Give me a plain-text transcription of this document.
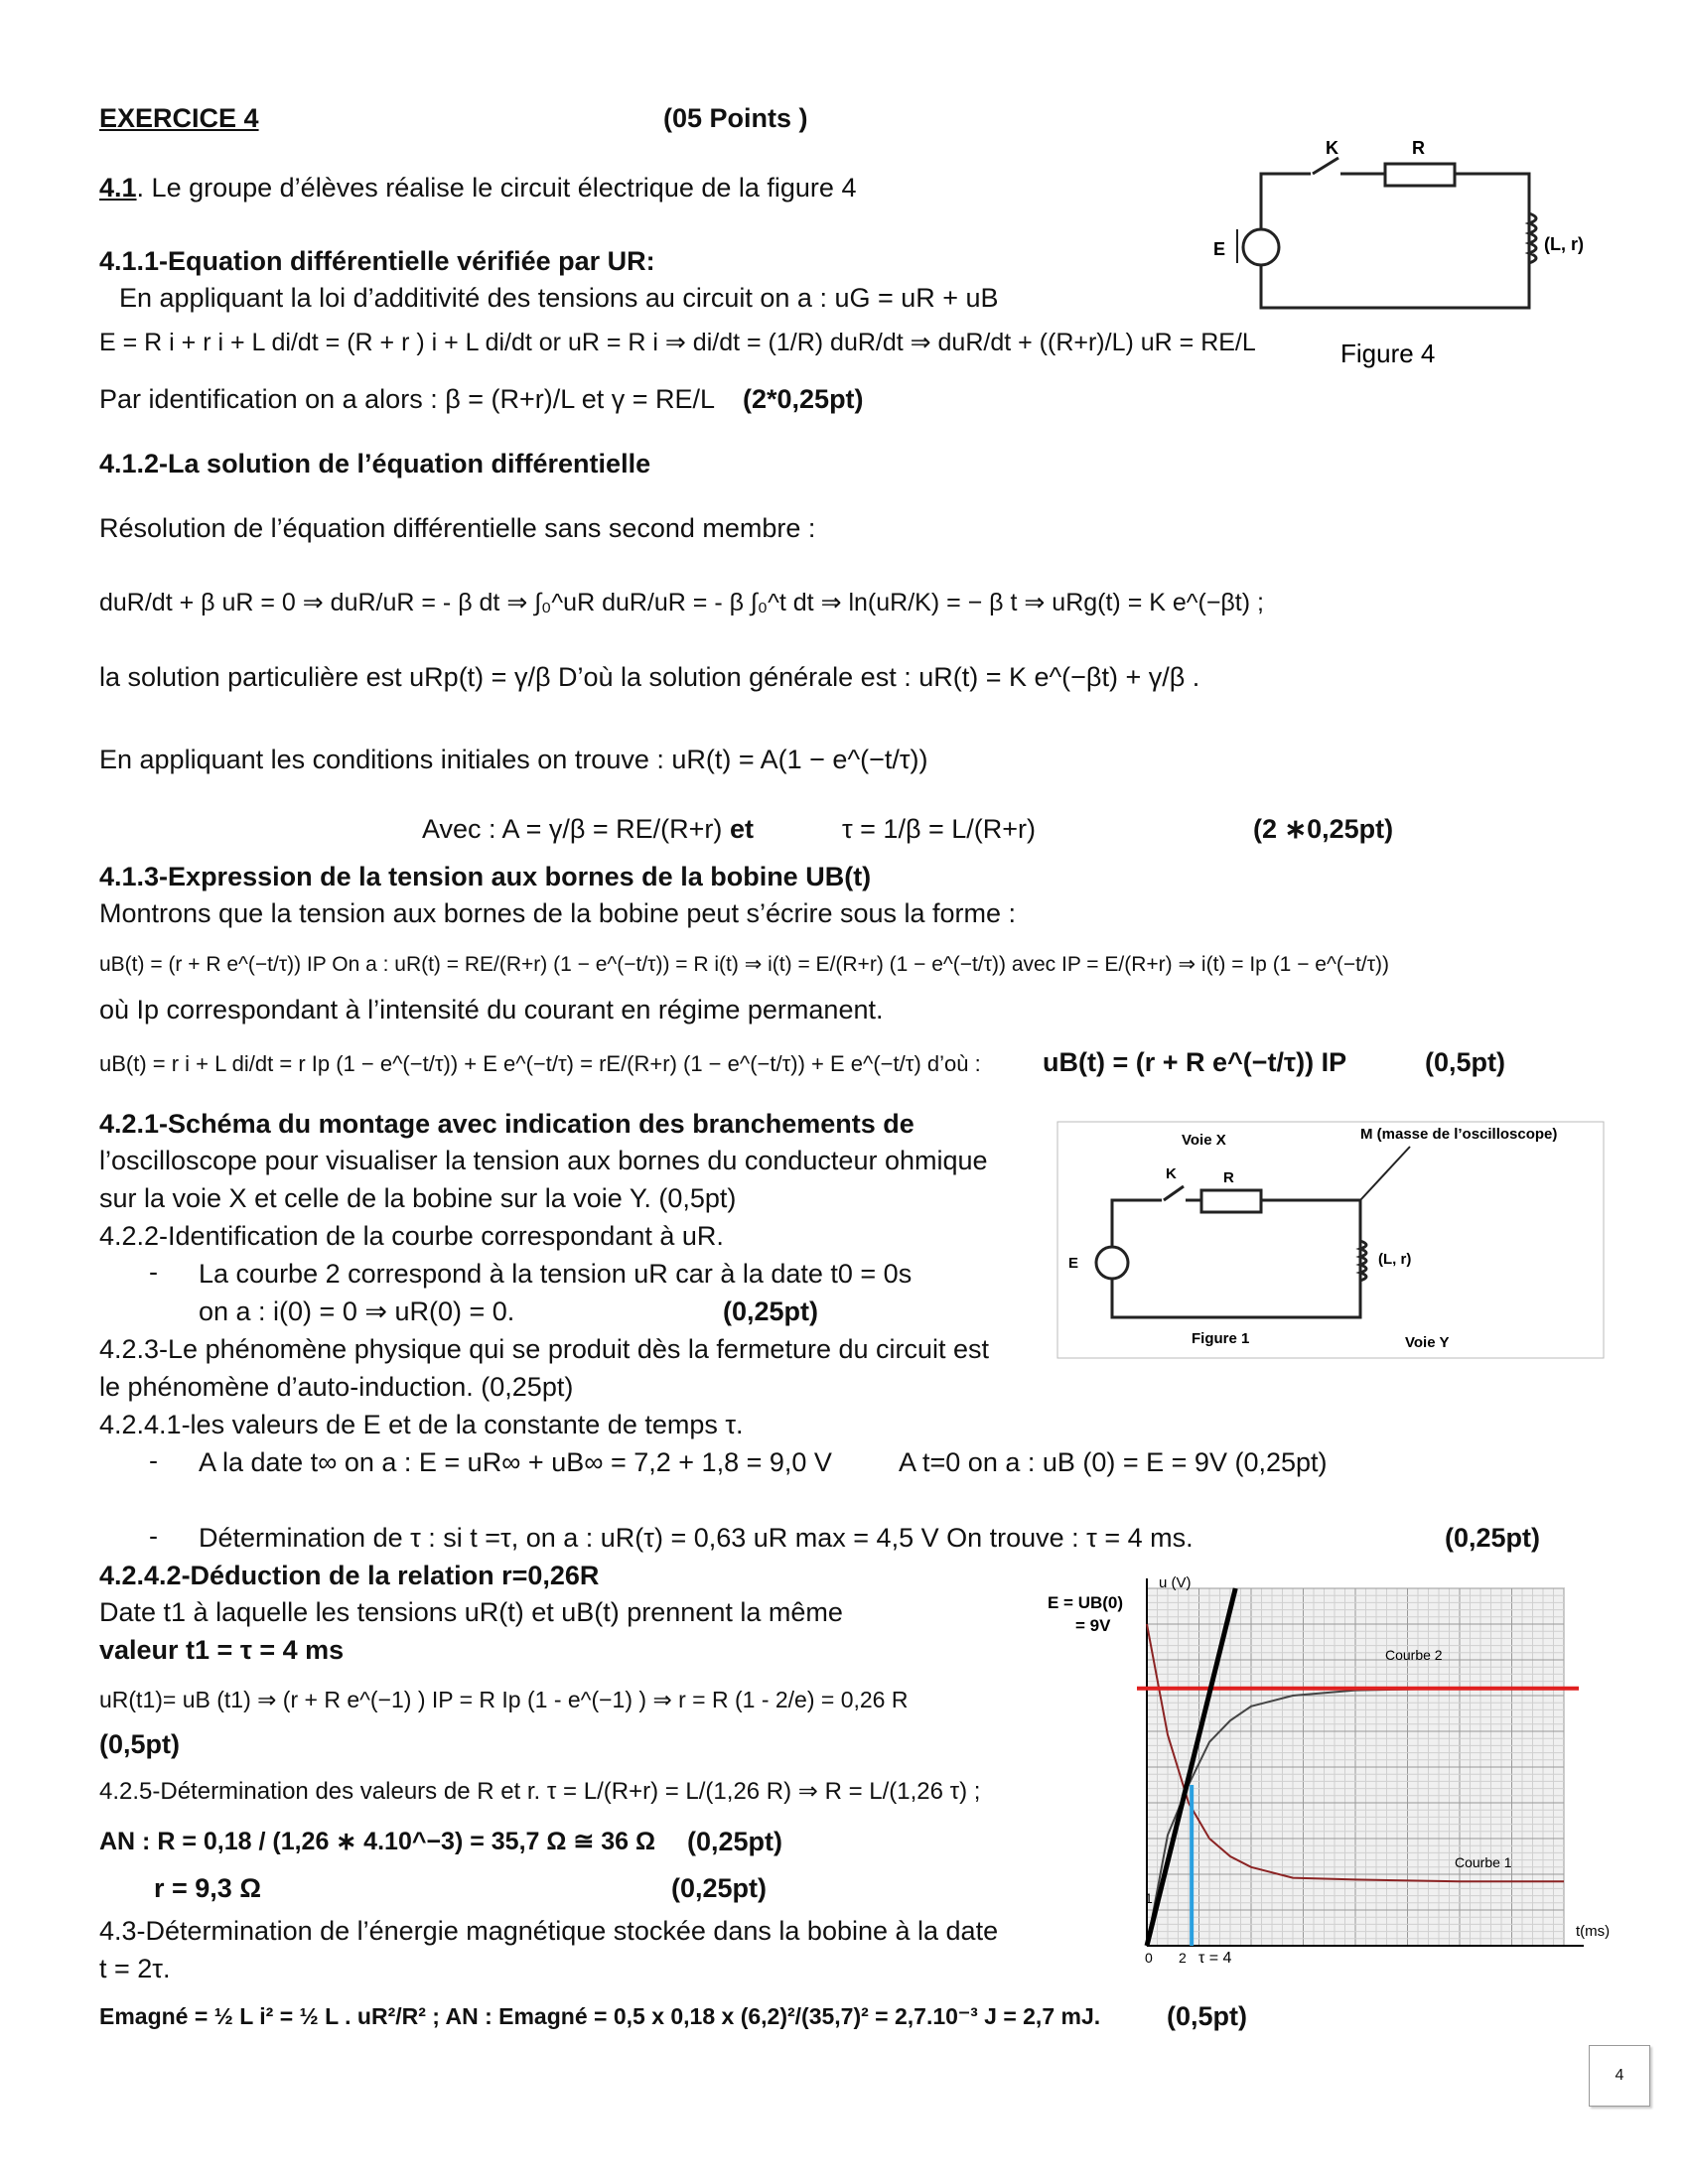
EXERCICE 4	(05 Points )
4.1. Le groupe d’élèves réalise le circuit électrique de la figure 4
K	R
E	(L, r)
Figure 4
4.1.1-Equation différentielle vérifiée par UR:
En appliquant la loi d’additivité des tensions au circuit on a : uG = uR + uB
E = R i + r i + L di/dt = (R + r ) i + L di/dt or uR = R i ⇒ di/dt = (1/R) duR/dt ⇒ duR/dt + ((R+r)/L) uR = RE/L
Par identification on a alors : β = (R+r)/L et γ = RE/L (2*0,25pt)
4.1.2-La solution de l’équation différentielle
Résolution de l’équation différentielle sans second membre :
duR/dt + β uR = 0 ⇒ duR/uR = - β dt ⇒ ∫₀^uR duR/uR = - β ∫₀^t dt ⇒ ln(uR/K) = − β t ⇒ uRg(t) = K e^(−βt) ;
la solution particulière est uRp(t) = γ/β D’où la solution générale est : uR(t) = K e^(−βt) + γ/β .
En appliquant les conditions initiales on trouve : uR(t) = A(1 − e^(−t/τ))
Avec : A = γ/β = RE/(R+r) et	τ = 1/β = L/(R+r)	(2 ∗0,25pt)
4.1.3-Expression de la tension aux bornes de la bobine UB(t)
Montrons que la tension aux bornes de la bobine peut s’écrire sous la forme :
uB(t) = (r + R e^(−t/τ)) IP On a : uR(t) = RE/(R+r) (1 − e^(−t/τ)) = R i(t) ⇒ i(t) = E/(R+r) (1 − e^(−t/τ)) avec IP = E/(R+r) ⇒ i(t) = Ip (1 − e^(−t/τ))
où Ip correspondant à l’intensité du courant en régime permanent.
uB(t) = r i + L di/dt = r Ip (1 − e^(−t/τ)) + E e^(−t/τ) = rE/(R+r) (1 − e^(−t/τ)) + E e^(−t/τ) d’où : uB(t) = (r + R e^(−t/τ)) IP	(0,5pt)
4.2.1-Schéma du montage avec indication des branchements de
l’oscilloscope pour visualiser la tension aux bornes du conducteur ohmique
sur la voie X et celle de la bobine sur la voie Y. (0,5pt)
4.2.2-Identification de la courbe correspondant à uR.
- La courbe 2 correspond à la tension uR car à la date t0 = 0s
on a : i(0) = 0 ⇒ uR(0) = 0.	(0,25pt)
4.2.3-Le phénomène physique qui se produit dès la fermeture du circuit est
le phénomène d’auto-induction. (0,25pt)
4.2.4.1-les valeurs de E et de la constante de temps τ.
- A la date t∞ on a : E = uR∞ + uB∞ = 7,2 + 1,8 = 9,0 V A t=0 on a : uB (0) = E = 9V (0,25pt)
- Détermination de τ : si t =τ, on a : uR(τ) = 0,63 uR max = 4,5 V On trouve : τ = 4 ms.	(0,25pt)
Voie X	M (masse de l’oscilloscope)
K	R
E	(L, r)
Figure 1	Voie Y
4.2.4.2-Déduction de la relation r=0,26R
Date t1 à laquelle les tensions uR(t) et uB(t) prennent la même
valeur t1 = τ = 4 ms
uR(t1)= uB (t1) ⇒ (r + R e^(−1) ) IP = R Ip (1 - e^(−1) ) ⇒ r = R (1 - 2/e) = 0,26 R
(0,5pt)
4.2.5-Détermination des valeurs de R et r. τ = L/(R+r) = L/(1,26 R) ⇒ R = L/(1,26 τ) ;
AN : R = 0,18 / (1,26 ∗ 4.10^−3) = 35,7 Ω ≅ 36 Ω (0,25pt)
r = 9,3 Ω	(0,25pt)
4.3-Détermination de l’énergie magnétique stockée dans la bobine à la date
t = 2τ.
Emagné = ½ L i² = ½ L . uR²/R² ; AN : Emagné = 0,5 x 0,18 x (6,2)²/(35,7)² = 2,7.10⁻³ J = 2,7 mJ. (0,5pt)
E = UB(0)
= 9V
u (V)
t(ms)
Courbe 2
Courbe 1
0 2 τ = 4
1
4
